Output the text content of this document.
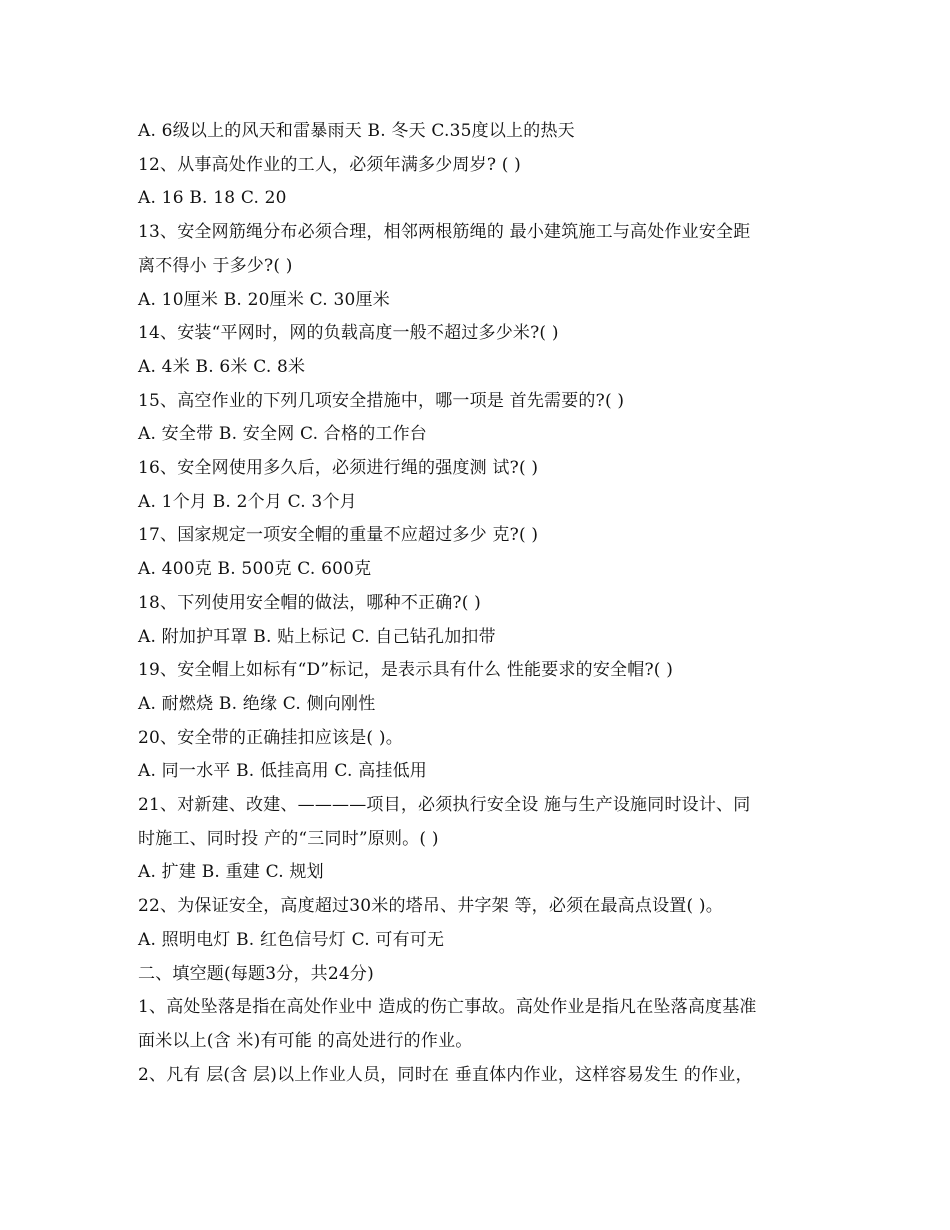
A. 6级以上的风天和雷暴雨天 B. 冬天 C.35度以上的热天
12、从事高处作业的工人，必须年满多少周岁? ( )
A. 16 B. 18 C. 20
13、安全网筋绳分布必须合理，相邻两根筋绳的 最小建筑施工与高处作业安全距
离不得小 于多少?( )
A. 10厘米 B. 20厘米 C. 30厘米
14、安装“平网时，网的负载高度一般不超过多少米?( )
A. 4米 B. 6米 C. 8米
15、高空作业的下列几项安全措施中，哪一项是 首先需要的?( )
A. 安全带 B. 安全网 C. 合格的工作台
16、安全网使用多久后，必须进行绳的强度测 试?( )
A. 1个月 B. 2个月 C. 3个月
17、国家规定一项安全帽的重量不应超过多少 克?( )
A. 400克 B. 500克 C. 600克
18、下列使用安全帽的做法，哪种不正确?( )
A. 附加护耳罩 B. 贴上标记 C. 自己钻孔加扣带
19、安全帽上如标有“D”标记，是表示具有什么 性能要求的安全帽?( )
A. 耐燃烧 B. 绝缘 C. 侧向刚性
20、安全带的正确挂扣应该是( )。
A. 同一水平 B. 低挂高用 C. 高挂低用
21、对新建、改建、————项目，必须执行安全设 施与生产设施同时设计、同
时施工、同时投 产的“三同时”原则。( )
A. 扩建 B. 重建 C. 规划
22、为保证安全，高度超过30米的塔吊、井字架 等，必须在最高点设置( )。
A. 照明电灯 B. 红色信号灯 C. 可有可无
二、填空题(每题3分，共24分)
1、高处坠落是指在高处作业中 造成的伤亡事故。高处作业是指凡在坠落高度基准
面米以上(含 米)有可能 的高处进行的作业。
2、凡有 层(含 层)以上作业人员，同时在 垂直体内作业，这样容易发生 的作业，
